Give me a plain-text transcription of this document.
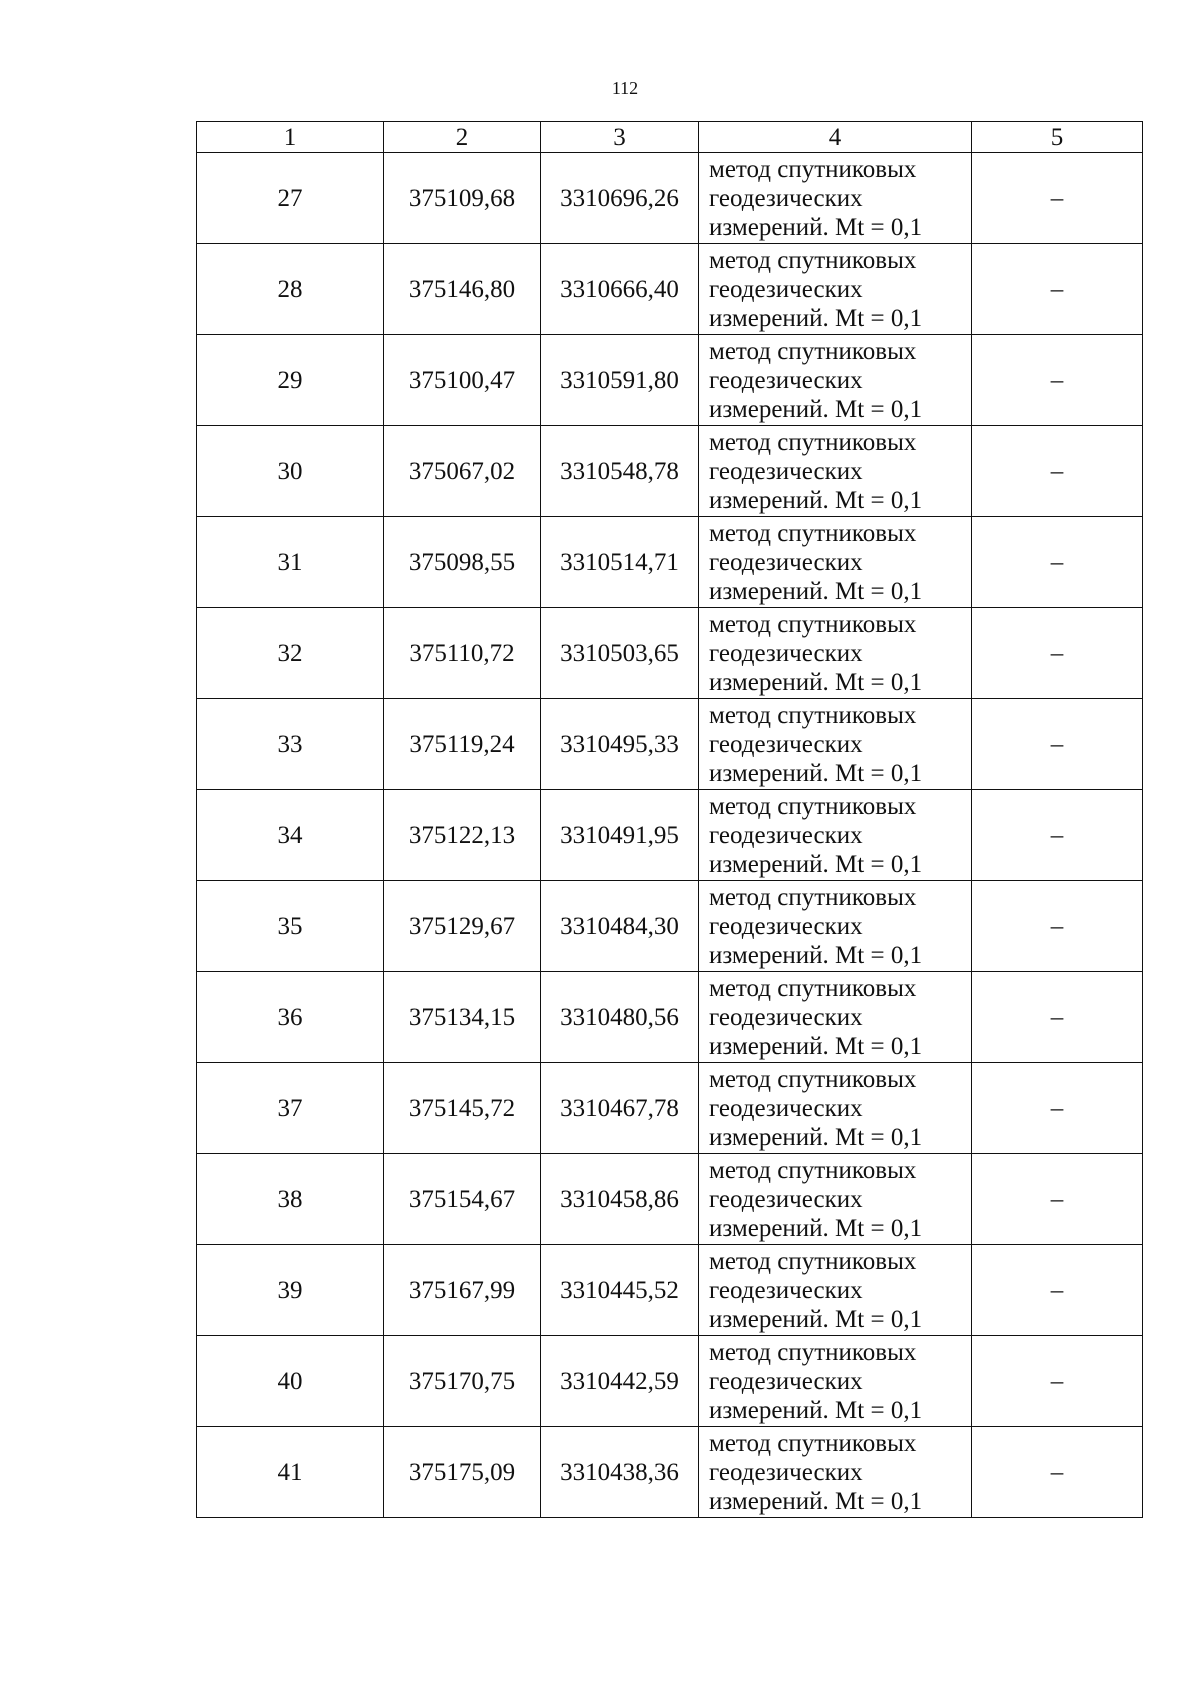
112
1	2	3	4	5
27	375109,68	3310696,26	метод спутниковых
геодезических
измерений. Mt = 0,1	–
28	375146,80	3310666,40	метод спутниковых
геодезических
измерений. Mt = 0,1	–
29	375100,47	3310591,80	метод спутниковых
геодезических
измерений. Mt = 0,1	–
30	375067,02	3310548,78	метод спутниковых
геодезических
измерений. Mt = 0,1	–
31	375098,55	3310514,71	метод спутниковых
геодезических
измерений. Mt = 0,1	–
32	375110,72	3310503,65	метод спутниковых
геодезических
измерений. Mt = 0,1	–
33	375119,24	3310495,33	метод спутниковых
геодезических
измерений. Mt = 0,1	–
34	375122,13	3310491,95	метод спутниковых
геодезических
измерений. Mt = 0,1	–
35	375129,67	3310484,30	метод спутниковых
геодезических
измерений. Mt = 0,1	–
36	375134,15	3310480,56	метод спутниковых
геодезических
измерений. Mt = 0,1	–
37	375145,72	3310467,78	метод спутниковых
геодезических
измерений. Mt = 0,1	–
38	375154,67	3310458,86	метод спутниковых
геодезических
измерений. Mt = 0,1	–
39	375167,99	3310445,52	метод спутниковых
геодезических
измерений. Mt = 0,1	–
40	375170,75	3310442,59	метод спутниковых
геодезических
измерений. Mt = 0,1	–
41	375175,09	3310438,36	метод спутниковых
геодезических
измерений. Mt = 0,1	–
